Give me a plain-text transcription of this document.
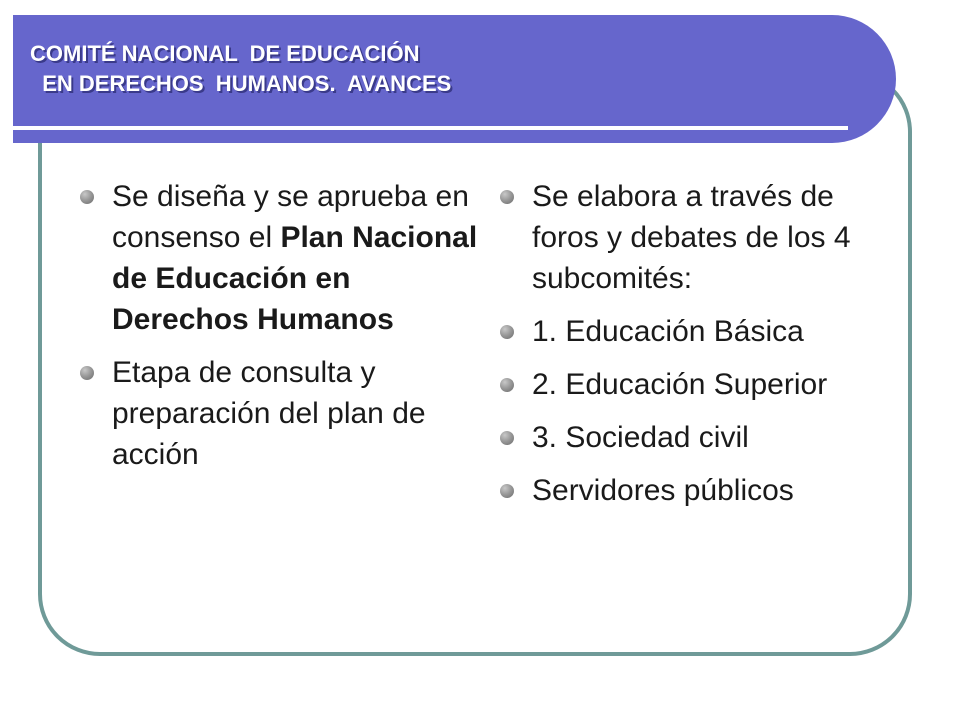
COMITÉ NACIONAL  DE EDUCACIÓN
EN DERECHOS  HUMANOS.  AVANCES
Se diseña y se aprueba en consenso el Plan Nacional de Educación en Derechos Humanos
Etapa de consulta y preparación del plan de acción
Se elabora a través de foros y debates de los 4 subcomités:
1. Educación Básica
2. Educación Superior
3. Sociedad civil
Servidores públicos
